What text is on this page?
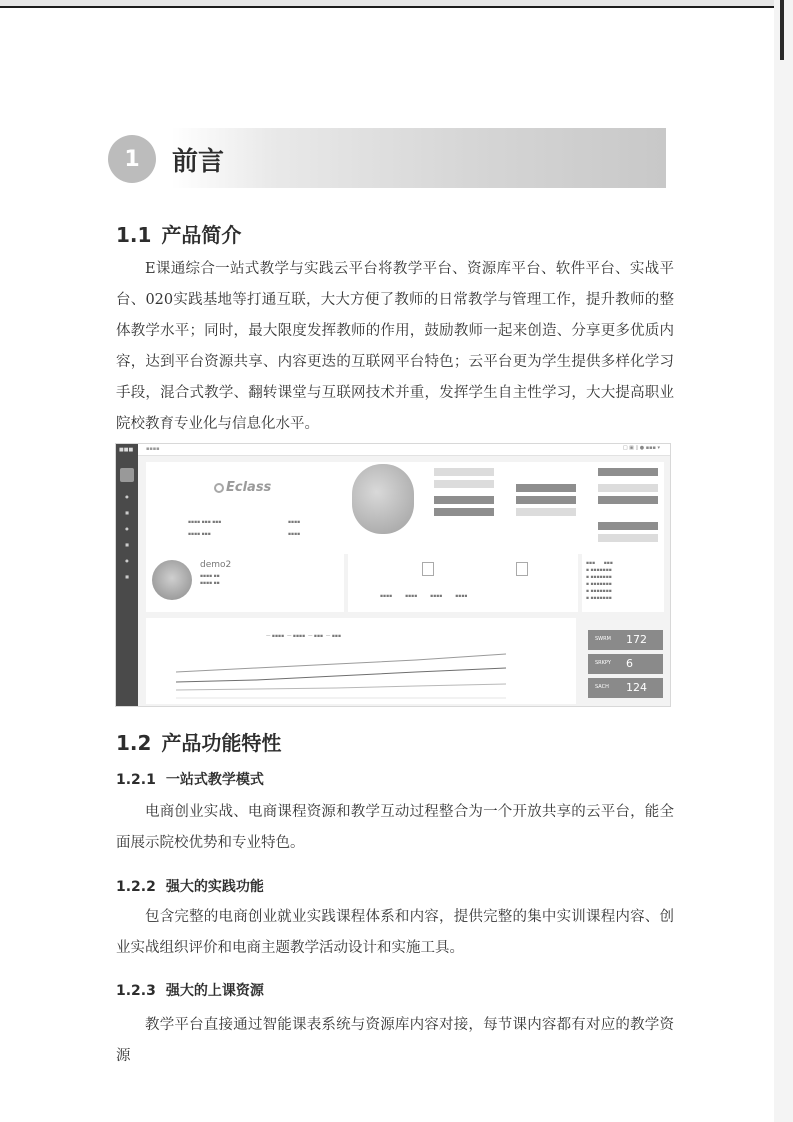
1 前言
1.1 产品简介

E课通综合一站式教学与实践云平台将教学平台、资源库平台、软件平台、实战平台、020实践基地等打通互联，大大方便了教师的日常教学与管理工作，提升教师的整体教学水平；同时，最大限度发挥教师的作用，鼓励教师一起来创造、分享更多优质内容，达到平台资源共享、内容更迭的互联网平台特色；云平台更为学生提供多样化学习手段，混合式教学、翻转课堂与互联网技术并重，发挥学生自主性学习，大大提高职业院校教育专业化与信息化水平。

■■■
●
■
●
■
●
■
▪▪▪▪	□ ▣ ▯ ● ▪▪▪ ▾
Eclass
▪▪▪▪ ▪▪▪ ▪▪▪
▪▪▪▪ ▪▪▪
▪▪▪▪
▪▪▪▪
demo2
▪▪▪▪ ▪▪
▪▪▪▪ ▪▪
▪▪▪▪         ▪▪▪▪         ▪▪▪▪         ▪▪▪▪
▪▪▪      ▪▪▪
▪ ▪▪▪▪▪▪▪
▪ ▪▪▪▪▪▪▪
▪ ▪▪▪▪▪▪▪
▪ ▪▪▪▪▪▪▪
▪ ▪▪▪▪▪▪▪
— ▪▪▪▪  — ▪▪▪▪  — ▪▪▪  — ▪▪▪	SWRM 172
SRKPY 6
SACH 124
1.2 产品功能特性
1.2.1 一站式教学模式

电商创业实战、电商课程资源和教学互动过程整合为一个开放共享的云平台，能全面展示院校优势和专业特色。

1.2.2 强大的实践功能

包含完整的电商创业就业实践课程体系和内容，提供完整的集中实训课程内容、创业实战组织评价和电商主题教学活动设计和实施工具。

1.2.3 强大的上课资源

教学平台直接通过智能课表系统与资源库内容对接，每节课内容都有对应的教学资源
